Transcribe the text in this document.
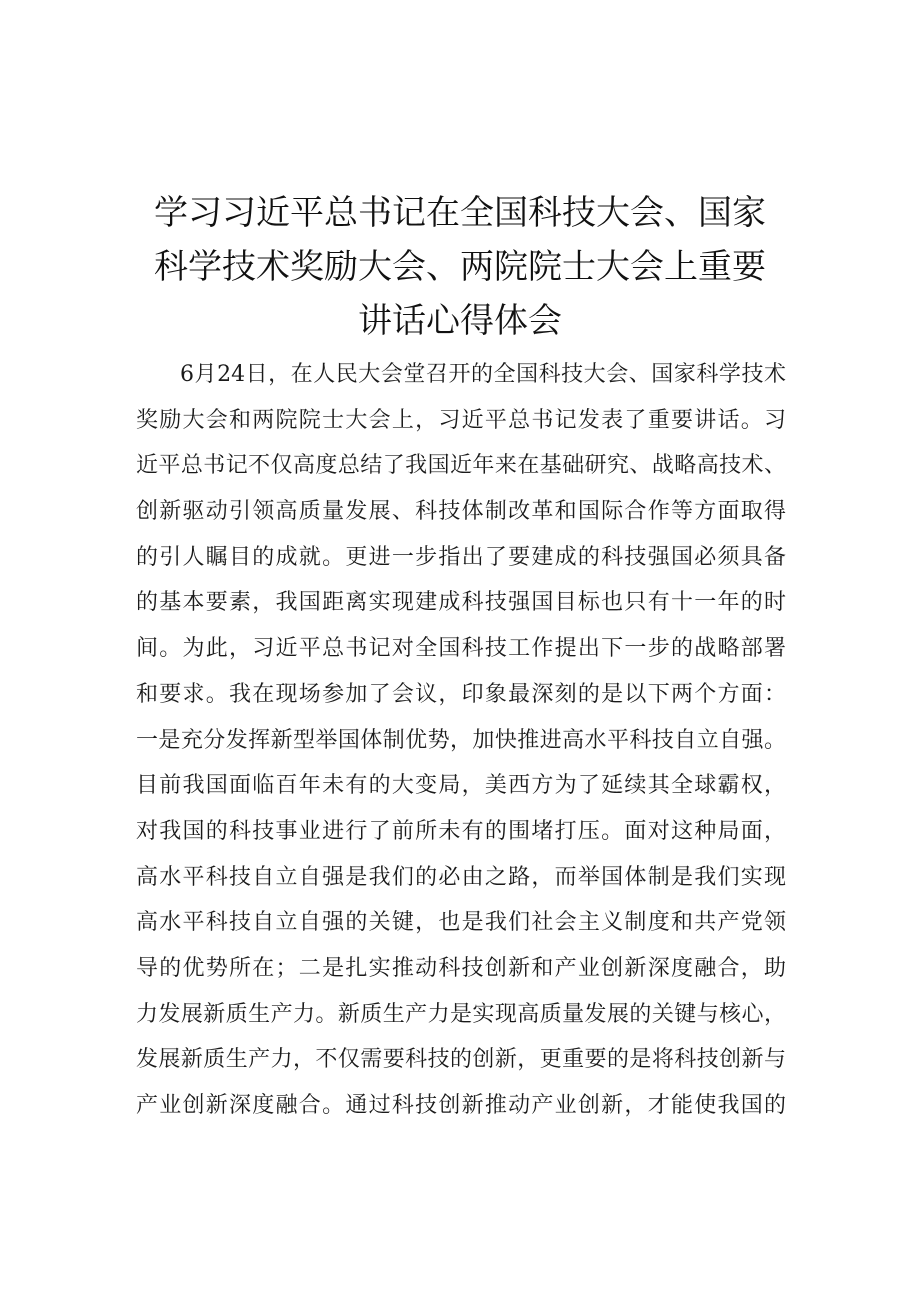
学习习近平总书记在全国科技大会、国家
科学技术奖励大会、两院院士大会上重要
讲话心得体会
6月24日，在人民大会堂召开的全国科技大会、国家科学技术
奖励大会和两院院士大会上，习近平总书记发表了重要讲话。习
近平总书记不仅高度总结了我国近年来在基础研究、战略高技术、
创新驱动引领高质量发展、科技体制改革和国际合作等方面取得
的引人瞩目的成就。更进一步指出了要建成的科技强国必须具备
的基本要素，我国距离实现建成科技强国目标也只有十一年的时
间。为此，习近平总书记对全国科技工作提出下一步的战略部署
和要求。我在现场参加了会议，印象最深刻的是以下两个方面：
一是充分发挥新型举国体制优势，加快推进高水平科技自立自强。
目前我国面临百年未有的大变局，美西方为了延续其全球霸权，
对我国的科技事业进行了前所未有的围堵打压。面对这种局面，
高水平科技自立自强是我们的必由之路，而举国体制是我们实现
高水平科技自立自强的关键，也是我们社会主义制度和共产党领
导的优势所在；二是扎实推动科技创新和产业创新深度融合，助
力发展新质生产力。新质生产力是实现高质量发展的关键与核心，
发展新质生产力，不仅需要科技的创新，更重要的是将科技创新与
产业创新深度融合。通过科技创新推动产业创新，才能使我国的
